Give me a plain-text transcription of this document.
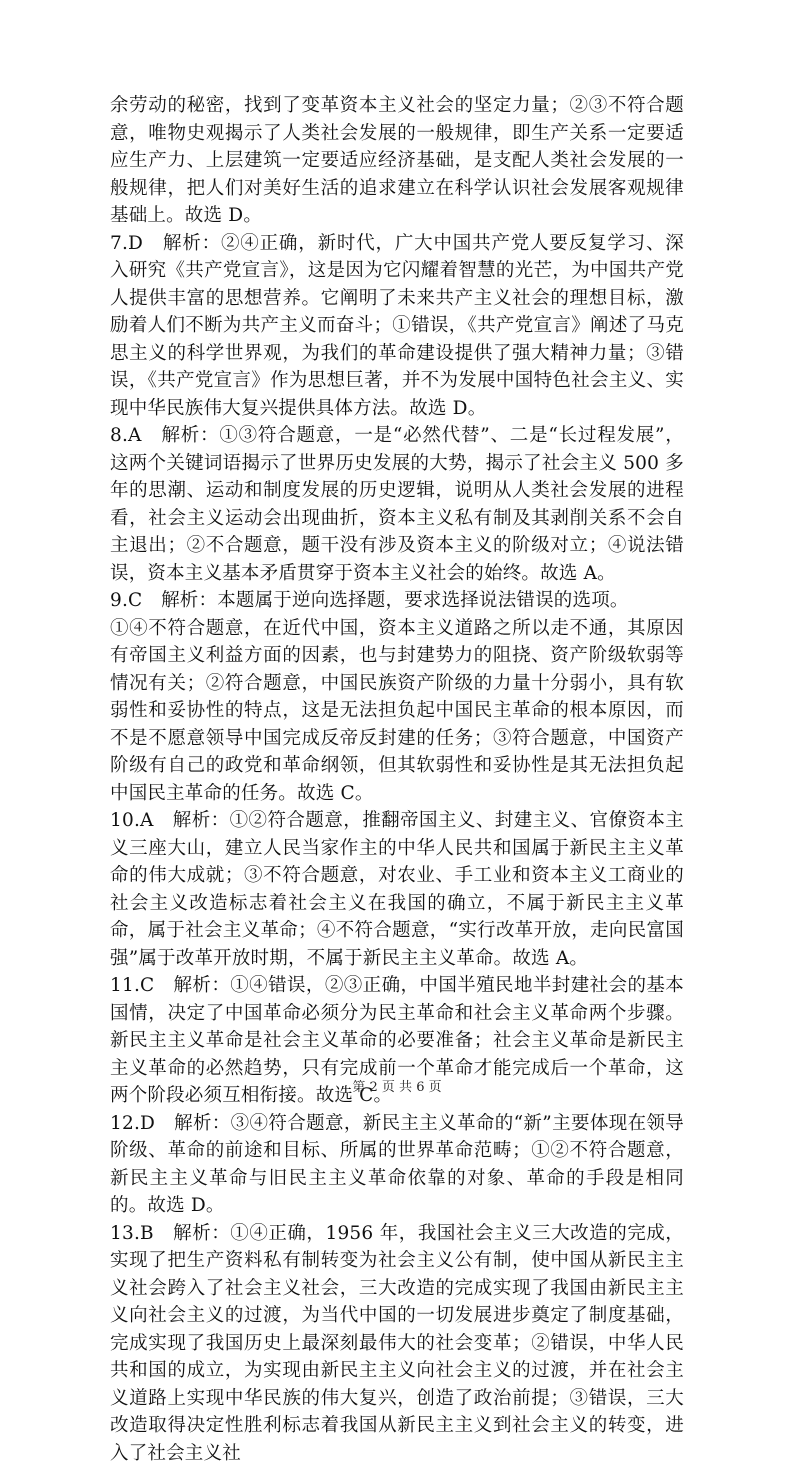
余劳动的秘密，找到了变革资本主义社会的坚定力量；②③不符合题意，唯物史观揭示了人类社会发展的一般规律，即生产关系一定要适应生产力、上层建筑一定要适应经济基础，是支配人类社会发展的一般规律，把人们对美好生活的追求建立在科学认识社会发展客观规律基础上。故选 D。

7.D　解析：②④正确，新时代，广大中国共产党人要反复学习、深入研究《共产党宣言》，这是因为它闪耀着智慧的光芒，为中国共产党人提供丰富的思想营养。它阐明了未来共产主义社会的理想目标，激励着人们不断为共产主义而奋斗；①错误，《共产党宣言》阐述了马克思主义的科学世界观，为我们的革命建设提供了强大精神力量；③错误，《共产党宣言》作为思想巨著，并不为发展中国特色社会主义、实现中华民族伟大复兴提供具体方法。故选 D。

8.A　解析：①③符合题意，一是“必然代替”、二是“长过程发展”，这两个关键词语揭示了世界历史发展的大势，揭示了社会主义 500 多年的思潮、运动和制度发展的历史逻辑，说明从人类社会发展的进程看，社会主义运动会出现曲折，资本主义私有制及其剥削关系不会自主退出；②不合题意，题干没有涉及资本主义的阶级对立；④说法错误，资本主义基本矛盾贯穿于资本主义社会的始终。故选 A。

9.C　解析：本题属于逆向选择题，要求选择说法错误的选项。

①④不符合题意，在近代中国，资本主义道路之所以走不通，其原因有帝国主义利益方面的因素，也与封建势力的阻挠、资产阶级软弱等情况有关；②符合题意，中国民族资产阶级的力量十分弱小，具有软弱性和妥协性的特点，这是无法担负起中国民主革命的根本原因，而不是不愿意领导中国完成反帝反封建的任务；③符合题意，中国资产阶级有自己的政党和革命纲领，但其软弱性和妥协性是其无法担负起中国民主革命的任务。故选 C。

10.A　解析：①②符合题意，推翻帝国主义、封建主义、官僚资本主义三座大山，建立人民当家作主的中华人民共和国属于新民主主义革命的伟大成就；③不符合题意，对农业、手工业和资本主义工商业的社会主义改造标志着社会主义在我国的确立，不属于新民主主义革命，属于社会主义革命；④不符合题意，“实行改革开放，走向民富国强”属于改革开放时期，不属于新民主主义革命。故选 A。

11.C　解析：①④错误，②③正确，中国半殖民地半封建社会的基本国情，决定了中国革命必须分为民主革命和社会主义革命两个步骤。新民主主义革命是社会主义革命的必要准备；社会主义革命是新民主主义革命的必然趋势，只有完成前一个革命才能完成后一个革命，这两个阶段必须互相衔接。故选 C。

12.D　解析：③④符合题意，新民主主义革命的“新”主要体现在领导阶级、革命的前途和目标、所属的世界革命范畴；①②不符合题意，新民主主义革命与旧民主主义革命依靠的对象、革命的手段是相同的。故选 D。

13.B　解析：①④正确，1956 年，我国社会主义三大改造的完成，实现了把生产资料私有制转变为社会主义公有制，使中国从新民主主义社会跨入了社会主义社会，三大改造的完成实现了我国由新民主主义向社会主义的过渡，为当代中国的一切发展进步奠定了制度基础，完成实现了我国历史上最深刻最伟大的社会变革；②错误，中华人民共和国的成立，为实现由新民主主义向社会主义的过渡，并在社会主义道路上实现中华民族的伟大复兴，创造了政治前提；③错误，三大改造取得决定性胜利标志着我国从新民主主义到社会主义的转变，进入了社会主义社

第 2 页 共 6 页
